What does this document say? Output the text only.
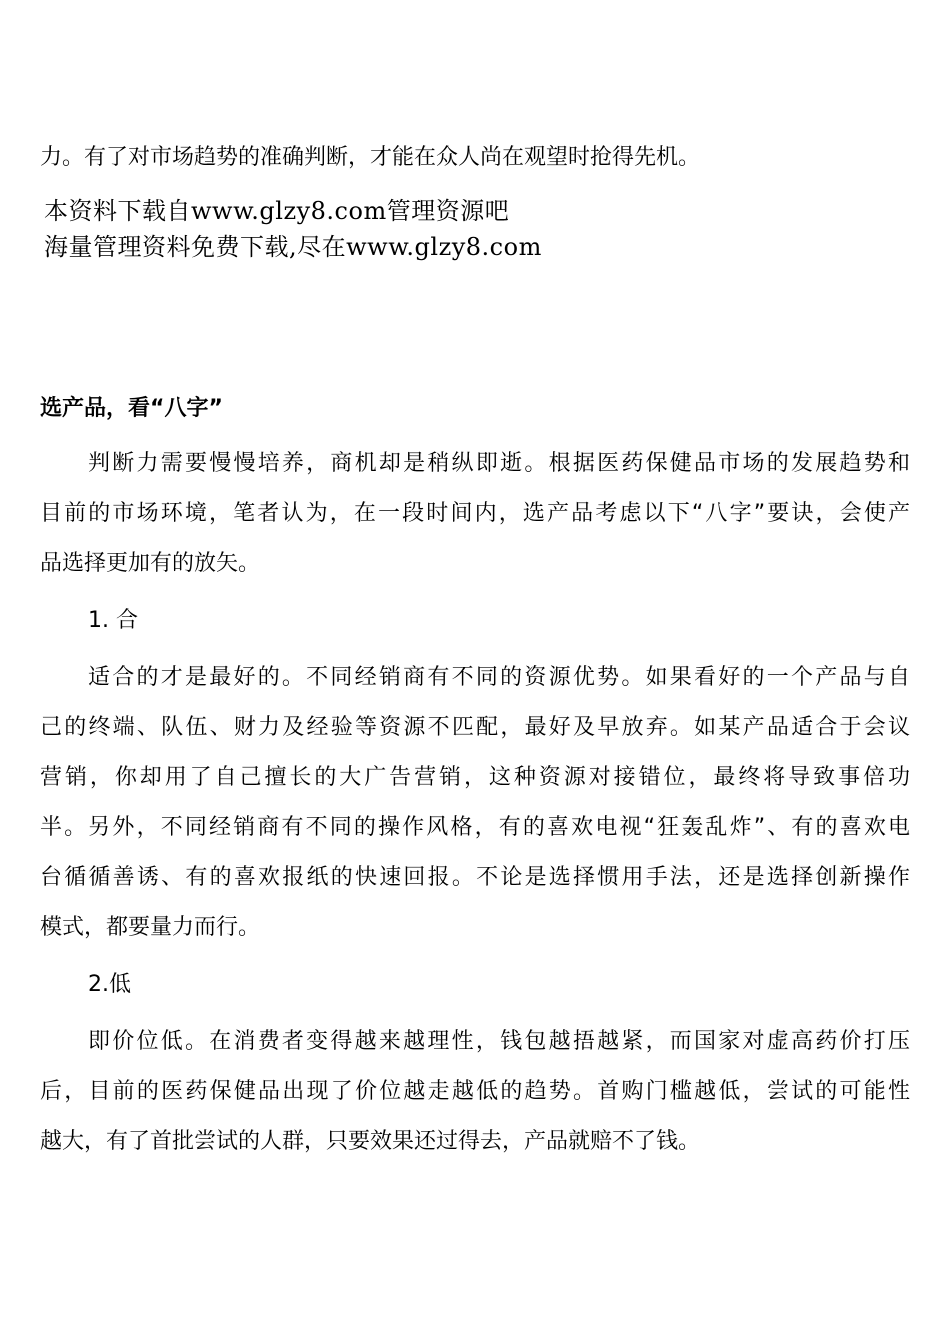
力。有了对市场趋势的准确判断，才能在众人尚在观望时抢得先机。
本资料下载自www.glzy8.com管理资源吧
海量管理资料免费下载,尽在www.glzy8.com
选产品，看“八字”
判断力需要慢慢培养，商机却是稍纵即逝。根据医药保健品市场的发展趋势和
目前的市场环境，笔者认为，在一段时间内，选产品考虑以下“八字”要诀，会使产
品选择更加有的放矢。
1. 合
适合的才是最好的。不同经销商有不同的资源优势。如果看好的一个产品与自
己的终端、队伍、财力及经验等资源不匹配，最好及早放弃。如某产品适合于会议
营销，你却用了自己擅长的大广告营销，这种资源对接错位，最终将导致事倍功
半。另外，不同经销商有不同的操作风格，有的喜欢电视“狂轰乱炸”、有的喜欢电
台循循善诱、有的喜欢报纸的快速回报。不论是选择惯用手法，还是选择创新操作
模式，都要量力而行。
2.低
即价位低。在消费者变得越来越理性，钱包越捂越紧，而国家对虚高药价打压
后，目前的医药保健品出现了价位越走越低的趋势。首购门槛越低，尝试的可能性
越大，有了首批尝试的人群，只要效果还过得去，产品就赔不了钱。
